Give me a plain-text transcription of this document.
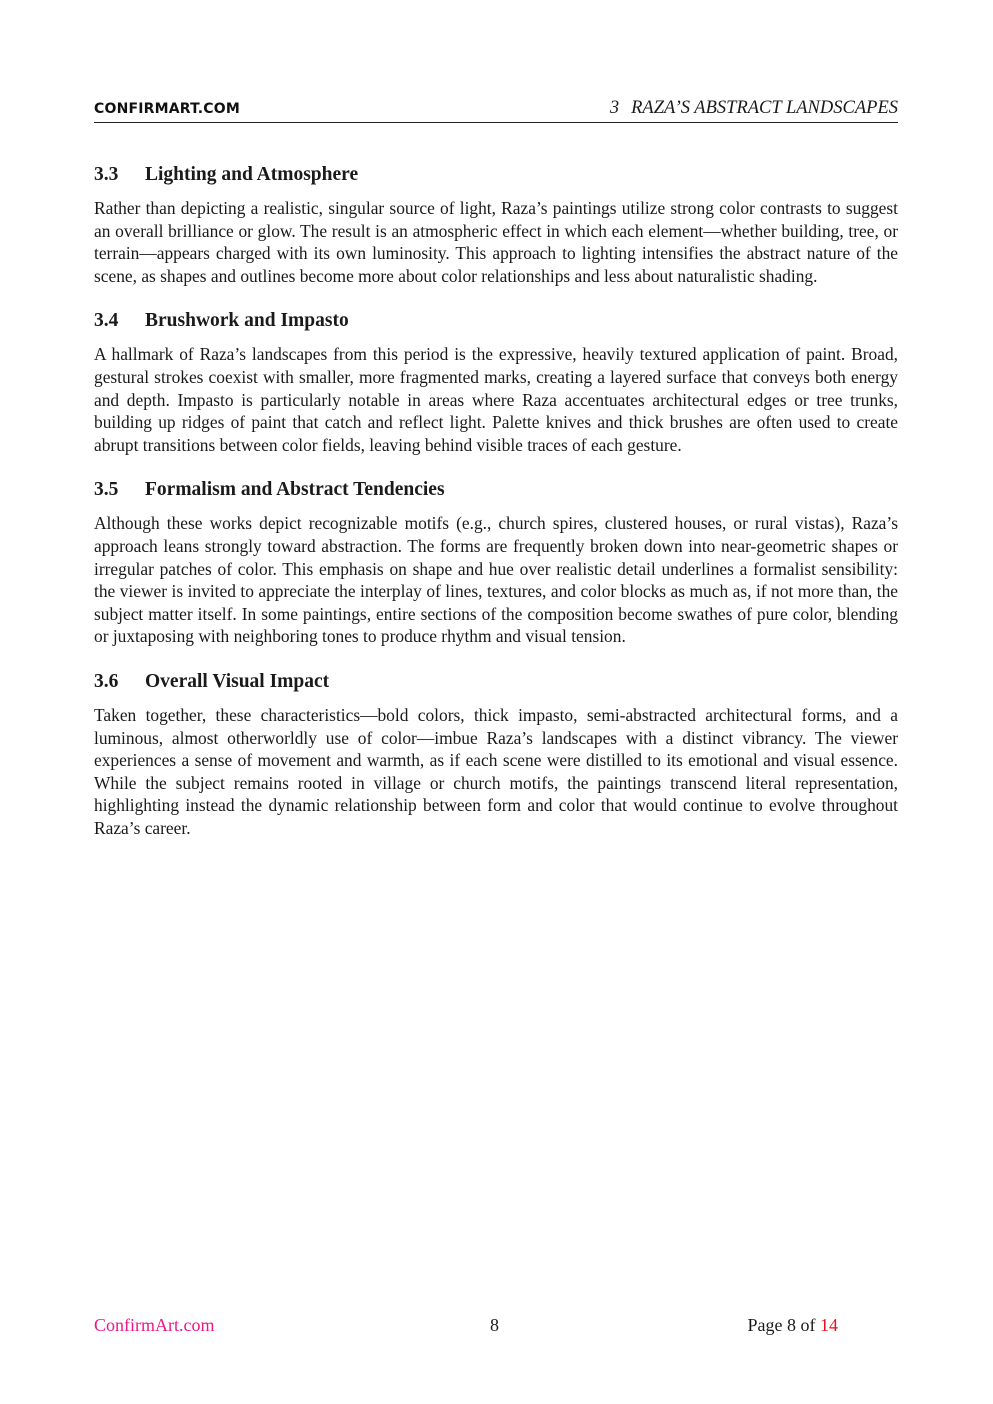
CONFIRMART.COM	3 RAZA’S ABSTRACT LANDSCAPES
3.3 Lighting and Atmosphere

Rather than depicting a realistic, singular source of light, Raza’s paintings utilize strong color contrasts to suggest an overall brilliance or glow. The result is an atmospheric effect in which each element—whether building, tree, or terrain—appears charged with its own luminosity. This approach to lighting intensifies the abstract nature of the scene, as shapes and outlines become more about color relationships and less about naturalistic shading.

3.4 Brushwork and Impasto

A hallmark of Raza’s landscapes from this period is the expressive, heavily textured application of paint. Broad, gestural strokes coexist with smaller, more fragmented marks, creating a layered surface that conveys both energy and depth. Impasto is particularly notable in areas where Raza accentuates architectural edges or tree trunks, building up ridges of paint that catch and reflect light. Palette knives and thick brushes are often used to create abrupt transitions between color fields, leaving behind visible traces of each gesture.

3.5 Formalism and Abstract Tendencies

Although these works depict recognizable motifs (e.g., church spires, clustered houses, or rural vistas), Raza’s approach leans strongly toward abstraction. The forms are frequently broken down into near-geometric shapes or irregular patches of color. This emphasis on shape and hue over realistic detail underlines a formalist sensibility: the viewer is invited to appreciate the interplay of lines, textures, and color blocks as much as, if not more than, the subject matter itself. In some paintings, entire sections of the composition become swathes of pure color, blending or juxtaposing with neighboring tones to produce rhythm and visual tension.

3.6 Overall Visual Impact

Taken together, these characteristics—bold colors, thick impasto, semi-abstracted architectural forms, and a luminous, almost otherworldly use of color—imbue Raza’s landscapes with a distinct vibrancy. The viewer experiences a sense of movement and warmth, as if each scene were distilled to its emotional and visual essence. While the subject remains rooted in village or church motifs, the paintings transcend literal representation, highlighting instead the dynamic relationship between form and color that would continue to evolve throughout Raza’s career.

ConfirmArt.com	8	Page 8 of 14
